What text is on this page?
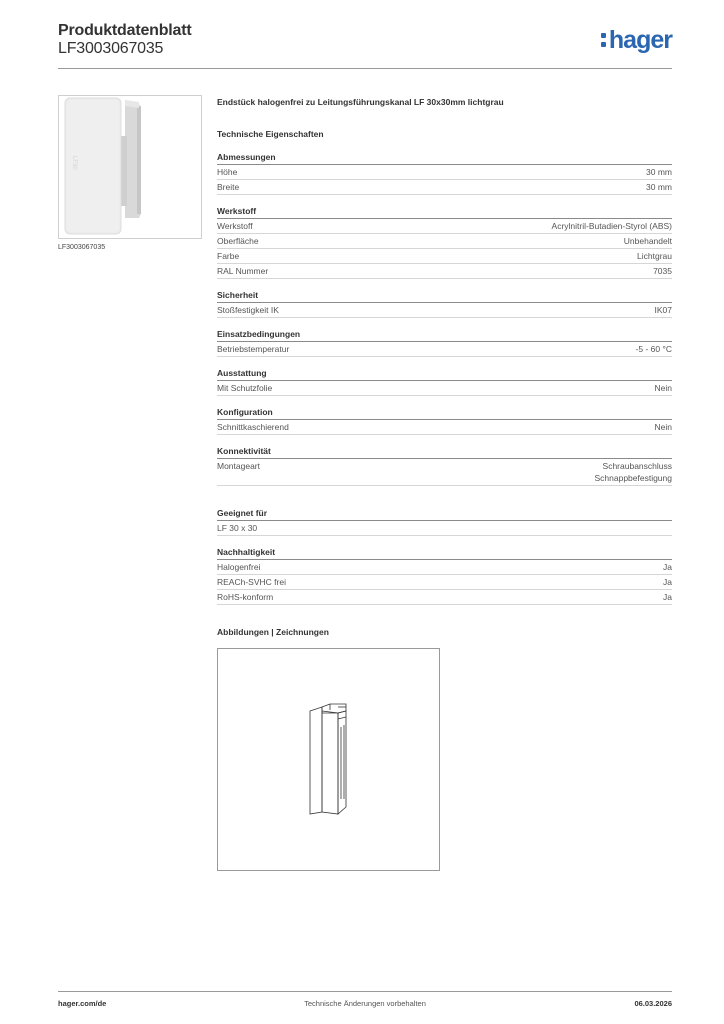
Produktdatenblatt
LF3003067035	hager
LF30
LF3003067035
Endstück halogenfrei zu Leitungsführungskanal LF 30x30mm lichtgrau
Technische Eigenschaften
Abmessungen
Höhe	30 mm
Breite	30 mm
Werkstoff
Werkstoff	Acrylnitril-Butadien-Styrol (ABS)
Oberfläche	Unbehandelt
Farbe	Lichtgrau
RAL Nummer	7035
Sicherheit
Stoßfestigkeit IK	IK07
Einsatzbedingungen
Betriebstemperatur	-5 - 60 °C
Ausstattung
Mit Schutzfolie	Nein
Konfiguration
Schnittkaschierend	Nein
Konnektivität
Montageart	Schraubanschluss
Schnappbefestigung
Geeignet für
LF 30 x 30
Nachhaltigkeit
Halogenfrei	Ja
REACh-SVHC frei	Ja
RoHS-konform	Ja
Abbildungen | Zeichnungen
hager.com/de	Technische Änderungen vorbehalten	06.03.2026
